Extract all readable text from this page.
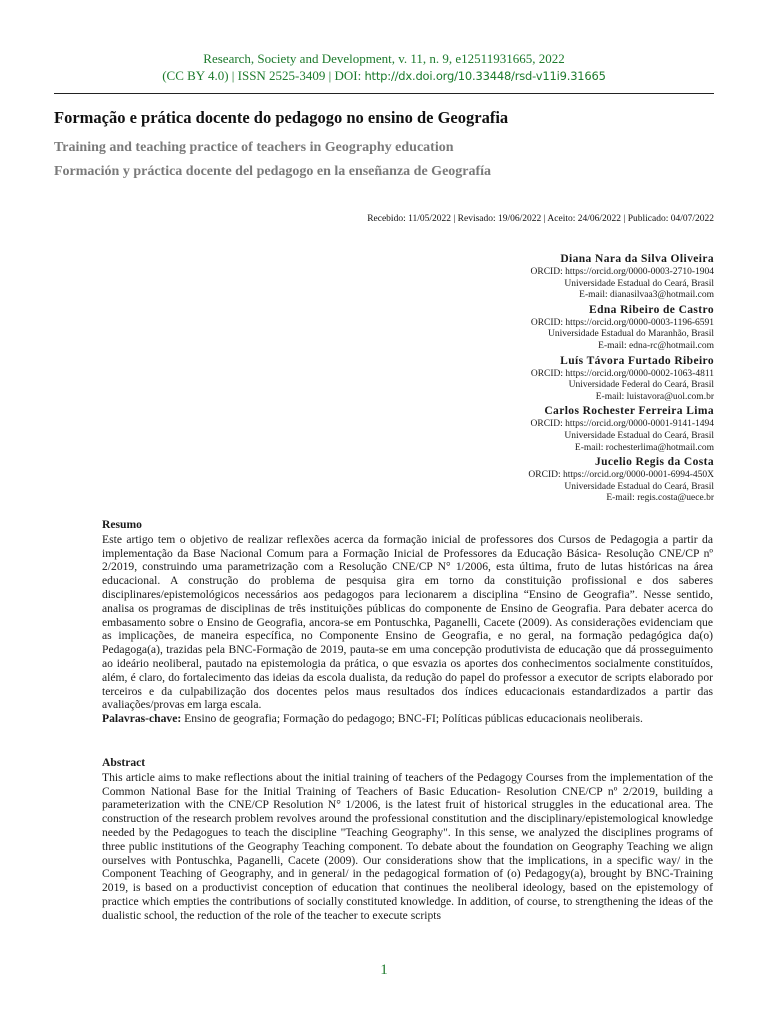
Research, Society and Development, v. 11, n. 9, e12511931665, 2022
(CC BY 4.0) | ISSN 2525-3409 | DOI: http://dx.doi.org/10.33448/rsd-v11i9.31665
Formação e prática docente do pedagogo no ensino de Geografia
Training and teaching practice of teachers in Geography education
Formación y práctica docente del pedagogo en la enseñanza de Geografía
Recebido: 11/05/2022 | Revisado: 19/06/2022 | Aceito: 24/06/2022 | Publicado: 04/07/2022
Diana Nara da Silva Oliveira
ORCID: https://orcid.org/0000-0003-2710-1904
Universidade Estadual do Ceará, Brasil
E-mail: dianasilvaa3@hotmail.com
Edna Ribeiro de Castro
ORCID: https://orcid.org/0000-0003-1196-6591
Universidade Estadual do Maranhão, Brasil
E-mail: edna-rc@hotmail.com
Luís Távora Furtado Ribeiro
ORCID: https://orcid.org/0000-0002-1063-4811
Universidade Federal do Ceará, Brasil
E-mail: luistavora@uol.com.br
Carlos Rochester Ferreira Lima
ORCID: https://orcid.org/0000-0001-9141-1494
Universidade Estadual do Ceará, Brasil
E-mail: rochesterlima@hotmail.com
Jucelio Regis da Costa
ORCID: https://orcid.org/0000-0001-6994-450X
Universidade Estadual do Ceará, Brasil
E-mail: regis.costa@uece.br
Resumo

Este artigo tem o objetivo de realizar reflexões acerca da formação inicial de professores dos Cursos de Pedagogia a partir da implementação da Base Nacional Comum para a Formação Inicial de Professores da Educação Básica- Resolução CNE/CP nº 2/2019, construindo uma parametrização com a Resolução CNE/CP N° 1/2006, esta última, fruto de lutas históricas na área educacional. A construção do problema de pesquisa gira em torno da constituição profissional e dos saberes disciplinares/epistemológicos necessários aos pedagogos para lecionarem a disciplina “Ensino de Geografia”. Nesse sentido, analisa os programas de disciplinas de três instituições públicas do componente de Ensino de Geografia. Para debater acerca do embasamento sobre o Ensino de Geografia, ancora-se em Pontuschka, Paganelli, Cacete (2009). As considerações evidenciam que as implicações, de maneira específica, no Componente Ensino de Geografia, e no geral, na formação pedagógica da(o) Pedagoga(a), trazidas pela BNC-Formação de 2019, pauta-se em uma concepção produtivista de educação que dá prosseguimento ao ideário neoliberal, pautado na epistemologia da prática, o que esvazia os aportes dos conhecimentos socialmente constituídos, além, é claro, do fortalecimento das ideias da escola dualista, da redução do papel do professor a executor de scripts elaborado por terceiros e da culpabilização dos docentes pelos maus resultados dos índices educacionais estandardizados a partir das avaliações/provas em larga escala.

Palavras-chave: Ensino de geografia; Formação do pedagogo; BNC-FI; Políticas públicas educacionais neoliberais.
Abstract

This article aims to make reflections about the initial training of teachers of the Pedagogy Courses from the implementation of the Common National Base for the Initial Training of Teachers of Basic Education- Resolution CNE/CP nº 2/2019, building a parameterization with the CNE/CP Resolution N° 1/2006, is the latest fruit of historical struggles in the educational area. The construction of the research problem revolves around the professional constitution and the disciplinary/epistemological knowledge needed by the Pedagogues to teach the discipline "Teaching Geography". In this sense, we analyzed the disciplines programs of three public institutions of the Geography Teaching component. To debate about the foundation on Geography Teaching we align ourselves with Pontuschka, Paganelli, Cacete (2009). Our considerations show that the implications, in a specific way/ in the Component Teaching of Geography, and in general/ in the pedagogical formation of (o) Pedagogy(a), brought by BNC-Training 2019, is based on a productivist conception of education that continues the neoliberal ideology, based on the epistemology of practice which empties the contributions of socially constituted knowledge. In addition, of course, to strengthening the ideas of the dualistic school, the reduction of the role of the teacher to execute scripts

1
